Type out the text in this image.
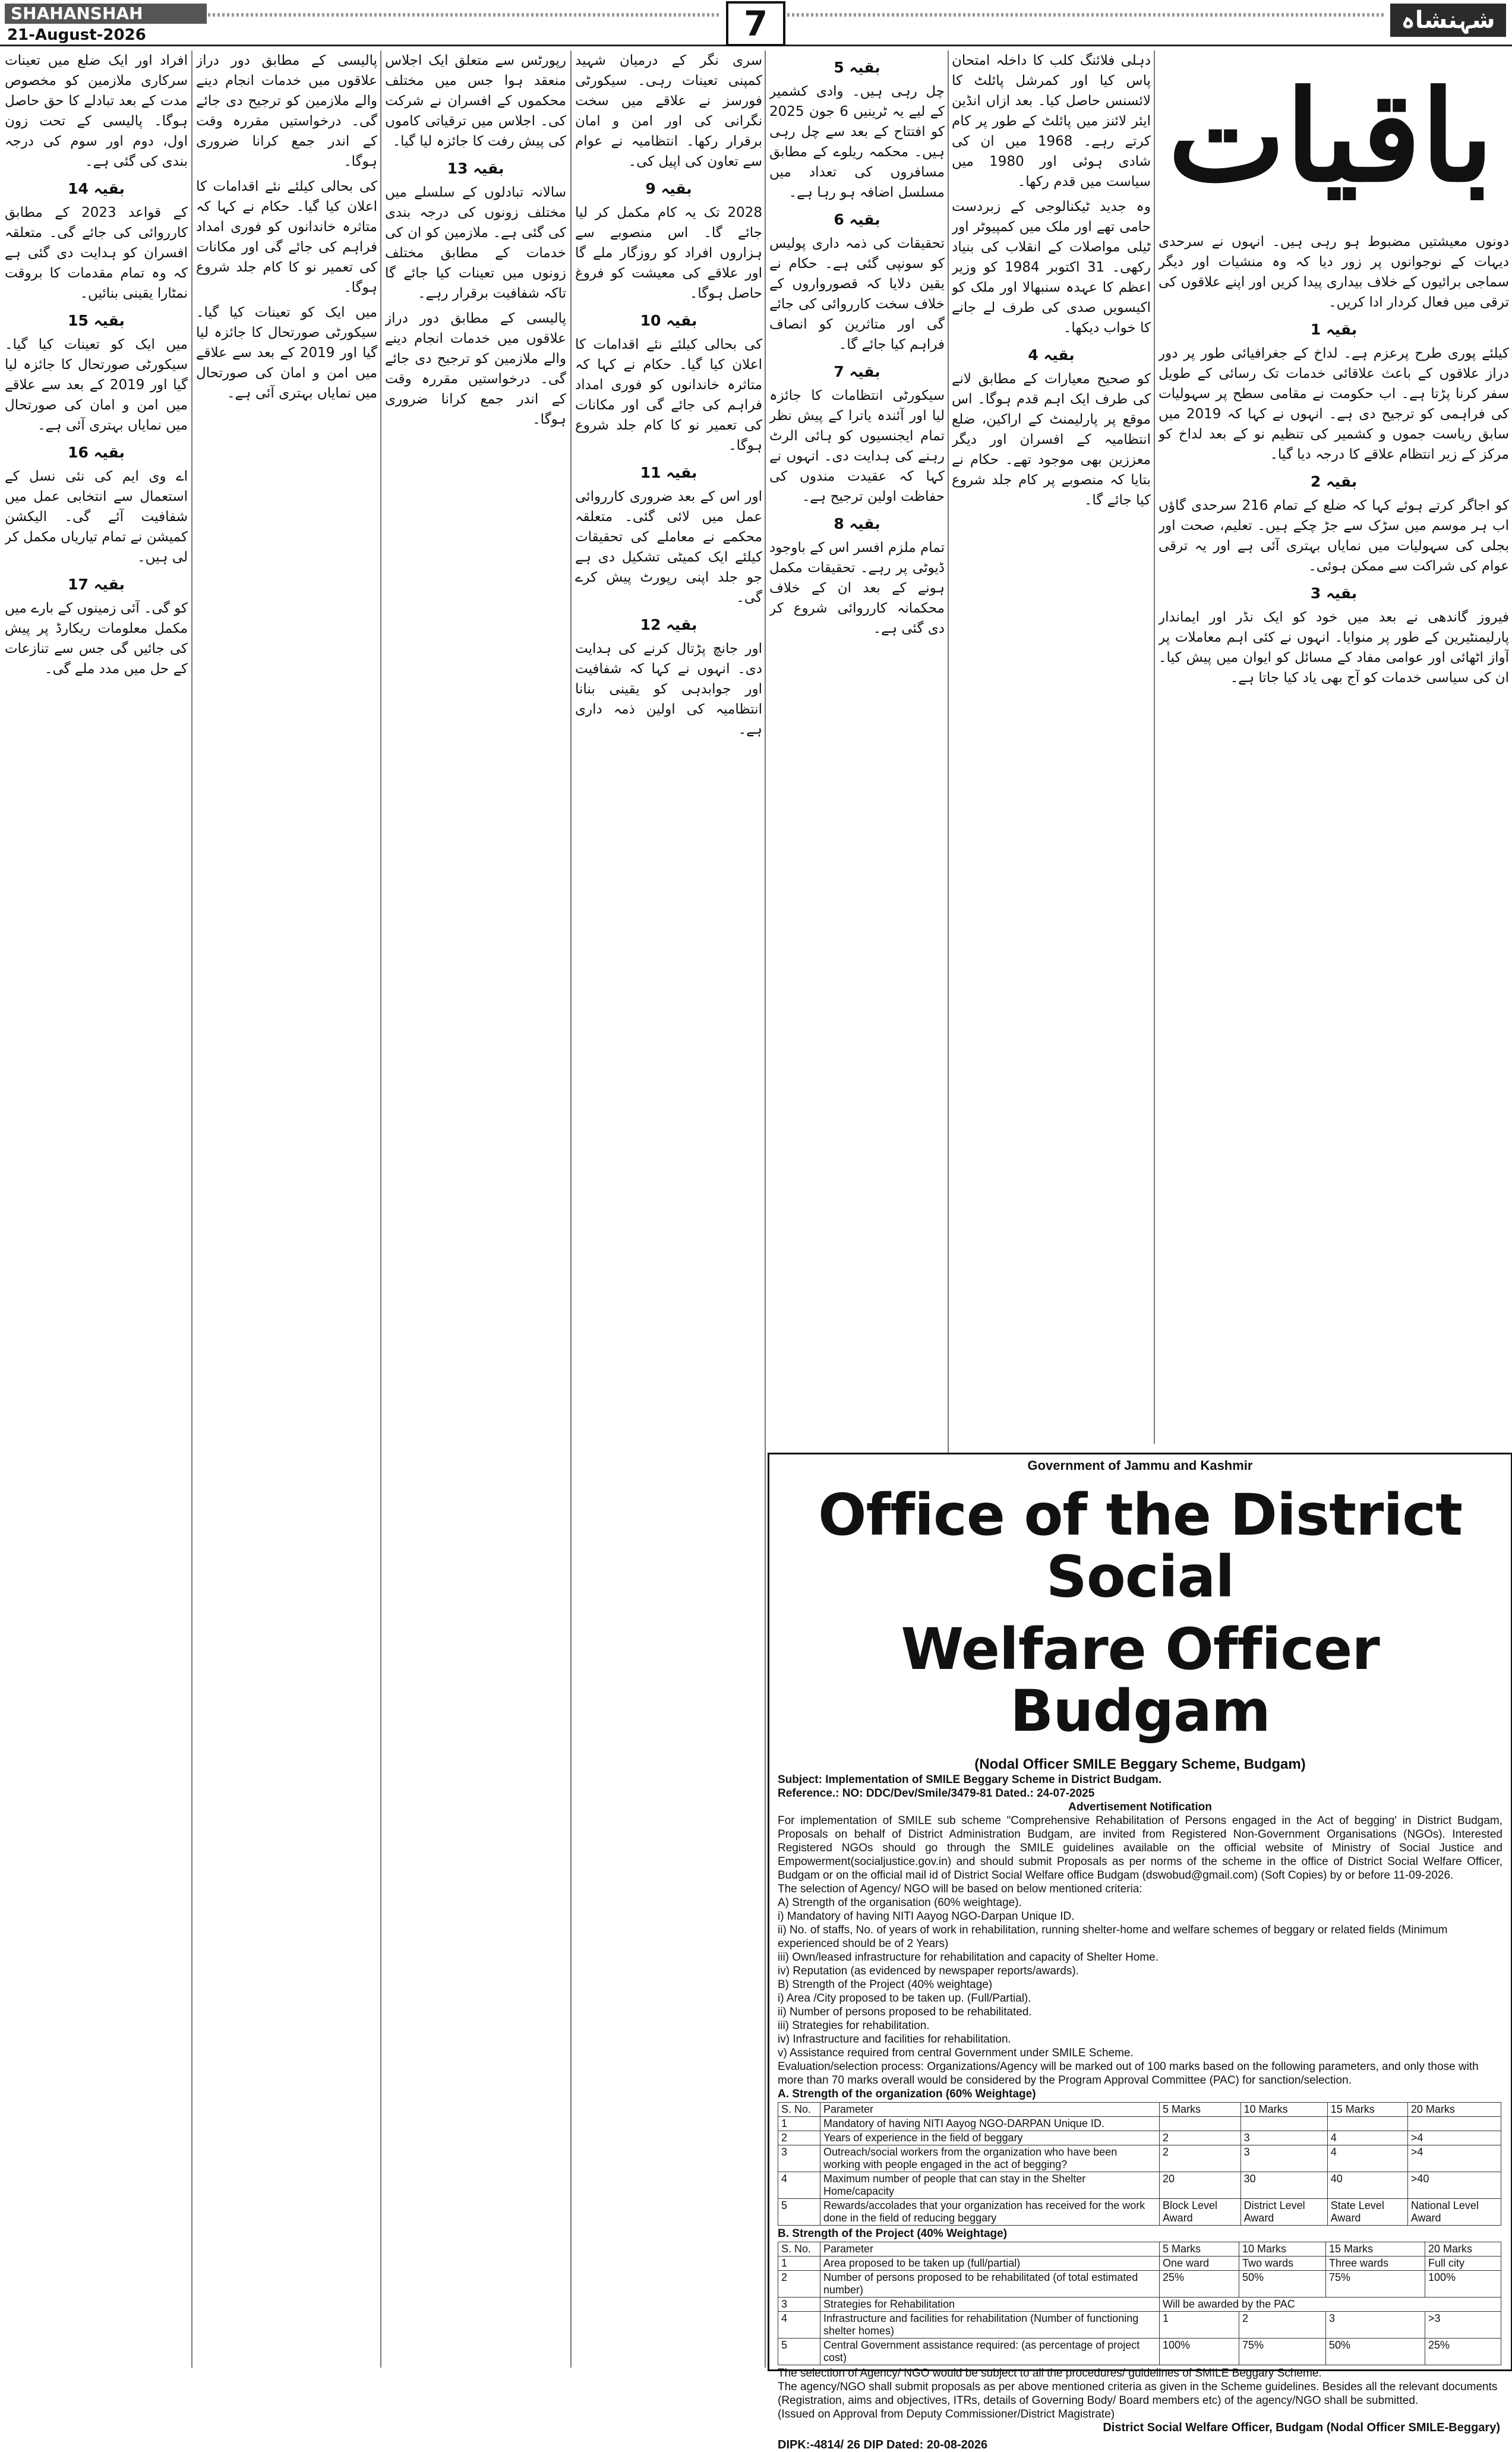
SHAHANSHAH
21-August-2026	7	شہنشاہ
باقیات

دونوں معیشتیں مضبوط ہو رہی ہیں۔ انہوں نے سرحدی دیہات کے نوجوانوں پر زور دیا کہ وہ منشیات اور دیگر سماجی برائیوں کے خلاف بیداری پیدا کریں اور اپنے علاقوں کی ترقی میں فعال کردار ادا کریں۔

بقیہ 1

کیلئے پوری طرح پرعزم ہے۔ لداخ کے جغرافیائی طور پر دور دراز علاقوں کے باعث علاقائی خدمات تک رسائی کے طویل سفر کرنا پڑتا ہے۔ اب حکومت نے مقامی سطح پر سہولیات کی فراہمی کو ترجیح دی ہے۔ انہوں نے کہا کہ 2019 میں سابق ریاست جموں و کشمیر کی تنظیم نو کے بعد لداخ کو مرکز کے زیر انتظام علاقے کا درجہ دیا گیا۔

بقیہ 2

کو اجاگر کرتے ہوئے کہا کہ ضلع کے تمام 216 سرحدی گاؤں اب ہر موسم میں سڑک سے جڑ چکے ہیں۔ تعلیم، صحت اور بجلی کی سہولیات میں نمایاں بہتری آئی ہے اور یہ ترقی عوام کی شراکت سے ممکن ہوئی۔

بقیہ 3

فیروز گاندھی نے بعد میں خود کو ایک نڈر اور ایماندار پارلیمنٹیرین کے طور پر منوایا۔ انہوں نے کئی اہم معاملات پر آواز اٹھائی اور عوامی مفاد کے مسائل کو ایوان میں پیش کیا۔ ان کی سیاسی خدمات کو آج بھی یاد کیا جاتا ہے۔

دہلی فلائنگ کلب کا داخلہ امتحان پاس کیا اور کمرشل پائلٹ کا لائسنس حاصل کیا۔ بعد ازاں انڈین ایئر لائنز میں پائلٹ کے طور پر کام کرتے رہے۔ 1968 میں ان کی شادی ہوئی اور 1980 میں سیاست میں قدم رکھا۔

وہ جدید ٹیکنالوجی کے زبردست حامی تھے اور ملک میں کمپیوٹر اور ٹیلی مواصلات کے انقلاب کی بنیاد رکھی۔ 31 اکتوبر 1984 کو وزیر اعظم کا عہدہ سنبھالا اور ملک کو اکیسویں صدی کی طرف لے جانے کا خواب دیکھا۔

بقیہ 4

کو صحیح معیارات کے مطابق لانے کی طرف ایک اہم قدم ہوگا۔ اس موقع پر پارلیمنٹ کے اراکین، ضلع انتظامیہ کے افسران اور دیگر معززین بھی موجود تھے۔ حکام نے بتایا کہ منصوبے پر کام جلد شروع کیا جائے گا۔

بقیہ 5

چل رہی ہیں۔ وادی کشمیر کے لیے یہ ٹرینیں 6 جون 2025 کو افتتاح کے بعد سے چل رہی ہیں۔ محکمہ ریلوے کے مطابق مسافروں کی تعداد میں مسلسل اضافہ ہو رہا ہے۔

بقیہ 6

تحقیقات کی ذمہ داری پولیس کو سونپی گئی ہے۔ حکام نے یقین دلایا کہ قصورواروں کے خلاف سخت کارروائی کی جائے گی اور متاثرین کو انصاف فراہم کیا جائے گا۔

بقیہ 7

سیکورٹی انتظامات کا جائزہ لیا اور آئندہ یاترا کے پیش نظر تمام ایجنسیوں کو ہائی الرٹ رہنے کی ہدایت دی۔ انہوں نے کہا کہ عقیدت مندوں کی حفاظت اولین ترجیح ہے۔

بقیہ 8

تمام ملزم افسر اس کے باوجود ڈیوٹی پر رہے۔ تحقیقات مکمل ہونے کے بعد ان کے خلاف محکمانہ کارروائی شروع کر دی گئی ہے۔

سری نگر کے درمیان شہید کمپنی تعینات رہی۔ سیکورٹی فورسز نے علاقے میں سخت نگرانی کی اور امن و امان برقرار رکھا۔ انتظامیہ نے عوام سے تعاون کی اپیل کی۔

بقیہ 9

2028 تک یہ کام مکمل کر لیا جائے گا۔ اس منصوبے سے ہزاروں افراد کو روزگار ملے گا اور علاقے کی معیشت کو فروغ حاصل ہوگا۔

بقیہ 10

کی بحالی کیلئے نئے اقدامات کا اعلان کیا گیا۔ حکام نے کہا کہ متاثرہ خاندانوں کو فوری امداد فراہم کی جائے گی اور مکانات کی تعمیر نو کا کام جلد شروع ہوگا۔

بقیہ 11

اور اس کے بعد ضروری کارروائی عمل میں لائی گئی۔ متعلقہ محکمے نے معاملے کی تحقیقات کیلئے ایک کمیٹی تشکیل دی ہے جو جلد اپنی رپورٹ پیش کرے گی۔

بقیہ 12

اور جانچ پڑتال کرنے کی ہدایت دی۔ انہوں نے کہا کہ شفافیت اور جوابدہی کو یقینی بنانا انتظامیہ کی اولین ذمہ داری ہے۔

رپورٹس سے متعلق ایک اجلاس منعقد ہوا جس میں مختلف محکموں کے افسران نے شرکت کی۔ اجلاس میں ترقیاتی کاموں کی پیش رفت کا جائزہ لیا گیا۔

بقیہ 13

سالانہ تبادلوں کے سلسلے میں مختلف زونوں کی درجہ بندی کی گئی ہے۔ ملازمین کو ان کی خدمات کے مطابق مختلف زونوں میں تعینات کیا جائے گا تاکہ شفافیت برقرار رہے۔

پالیسی کے مطابق دور دراز علاقوں میں خدمات انجام دینے والے ملازمین کو ترجیح دی جائے گی۔ درخواستیں مقررہ وقت کے اندر جمع کرانا ضروری ہوگا۔

افراد اور ایک ضلع میں تعینات سرکاری ملازمین کو مخصوص مدت کے بعد تبادلے کا حق حاصل ہوگا۔ پالیسی کے تحت زون اول، دوم اور سوم کی درجہ بندی کی گئی ہے۔

بقیہ 14

کے قواعد 2023 کے مطابق کارروائی کی جائے گی۔ متعلقہ افسران کو ہدایت دی گئی ہے کہ وہ تمام مقدمات کا بروقت نمٹارا یقینی بنائیں۔

بقیہ 15

میں ایک کو تعینات کیا گیا۔ سیکورٹی صورتحال کا جائزہ لیا گیا اور 2019 کے بعد سے علاقے میں امن و امان کی صورتحال میں نمایاں بہتری آئی ہے۔

بقیہ 16

اے وی ایم کی نئی نسل کے استعمال سے انتخابی عمل میں شفافیت آئے گی۔ الیکشن کمیشن نے تمام تیاریاں مکمل کر لی ہیں۔

بقیہ 17

کو گی۔ آئی زمینوں کے بارے میں مکمل معلومات ریکارڈ پر پیش کی جائیں گی جس سے تنازعات کے حل میں مدد ملے گی۔

پالیسی کے مطابق دور دراز علاقوں میں خدمات انجام دینے والے ملازمین کو ترجیح دی جائے گی۔ درخواستیں مقررہ وقت کے اندر جمع کرانا ضروری ہوگا۔

کی بحالی کیلئے نئے اقدامات کا اعلان کیا گیا۔ حکام نے کہا کہ متاثرہ خاندانوں کو فوری امداد فراہم کی جائے گی اور مکانات کی تعمیر نو کا کام جلد شروع ہوگا۔

میں ایک کو تعینات کیا گیا۔ سیکورٹی صورتحال کا جائزہ لیا گیا اور 2019 کے بعد سے علاقے میں امن و امان کی صورتحال میں نمایاں بہتری آئی ہے۔

Government of Jammu and Kashmir
Office of the District Social
Welfare Officer Budgam
(Nodal Officer SMILE Beggary Scheme, Budgam)
Subject: Implementation of SMILE Beggary Scheme in District Budgam.
Reference.: NO: DDC/Dev/Smile/3479-81 Dated.: 24-07-2025
Advertisement Notification
For implementation of SMILE sub scheme "Comprehensive Rehabilitation of Persons engaged in the Act of begging' in District Budgam, Proposals on behalf of District Administration Budgam, are invited from Registered Non-Government Organisations (NGOs). Interested Registered NGOs should go through the SMILE guidelines available on the official website of Ministry of Social Justice and Empowerment(socialjustice.gov.in) and should submit Proposals as per norms of the scheme in the office of District Social Welfare Officer, Budgam or on the official mail id of District Social Welfare office Budgam (dswobud@gmail.com) (Soft Copies) by or before 11-09-2026.
The selection of Agency/ NGO will be based on below mentioned criteria:
A) Strength of the organisation (60% weightage).
i) Mandatory of having NITI Aayog NGO-Darpan Unique ID.
ii) No. of staffs, No. of years of work in rehabilitation, running shelter-home and welfare schemes of beggary or related fields (Minimum experienced should be of 2 Years)
iii) Own/leased infrastructure for rehabilitation and capacity of Shelter Home.
iv) Reputation (as evidenced by newspaper reports/awards).
B) Strength of the Project (40% weightage)
i) Area /City proposed to be taken up. (Full/Partial).
ii) Number of persons proposed to be rehabilitated.
iii) Strategies for rehabilitation.
iv) Infrastructure and facilities for rehabilitation.
v) Assistance required from central Government under SMILE Scheme.
Evaluation/selection process: Organizations/Agency will be marked out of 100 marks based on the following parameters, and only those with more than 70 marks overall would be considered by the Program Approval Committee (PAC) for sanction/selection.
A. Strength of the organization (60% Weightage)
S. No.	Parameter	5 Marks	10 Marks	15 Marks	20 Marks
1	Mandatory of having NITI Aayog NGO-DARPAN Unique ID.				
2	Years of experience in the field of beggary	2	3	4	>4
3	Outreach/social workers from the organization who have been working with people engaged in the act of begging?	2	3	4	>4
4	Maximum number of people that can stay in the Shelter Home/capacity	20	30	40	>40
5	Rewards/accolades that your organization has received for the work done in the field of reducing beggary	Block Level Award	District Level Award	State Level Award	National Level Award
B. Strength of the Project (40% Weightage)
S. No.	Parameter	5 Marks	10 Marks	15 Marks	20 Marks
1	Area proposed to be taken up (full/partial)	One ward	Two wards	Three wards	Full city
2	Number of persons proposed to be rehabilitated (of total estimated number)	25%	50%	75%	100%
3	Strategies for Rehabilitation	Will be awarded by the PAC			
4	Infrastructure and facilities for rehabilitation (Number of functioning shelter homes)	1	2	3	>3
5	Central Government assistance required: (as percentage of project cost)	100%	75%	50%	25%
The selection of Agency/ NGO would be subject to all the procedures/ guidelines of SMILE Beggary Scheme.
The agency/NGO shall submit proposals as per above mentioned criteria as given in the Scheme guidelines. Besides all the relevant documents (Registration, aims and objectives, ITRs, details of Governing Body/ Board members etc) of the agency/NGO shall be submitted.
(Issued on Approval from Deputy Commissioner/District Magistrate)
District Social Welfare Officer, Budgam (Nodal Officer SMILE-Beggary)
DIPK:-4814/ 26 DIP Dated: 20-08-2026
